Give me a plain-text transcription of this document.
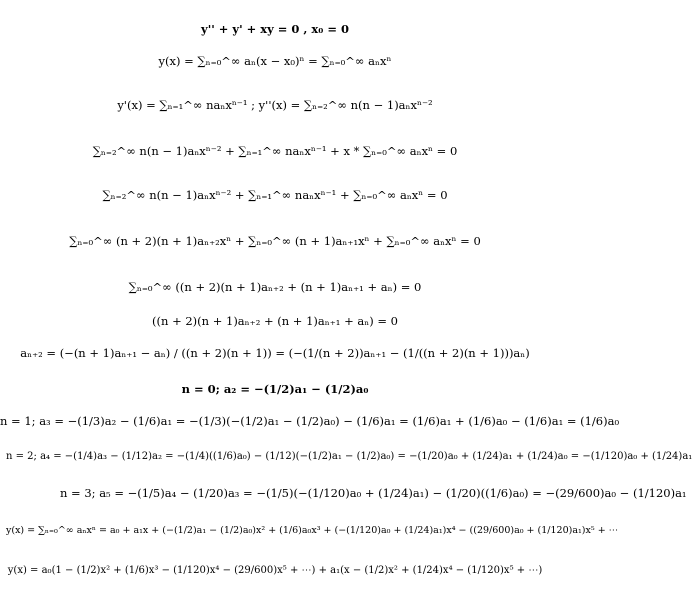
y'' + y' + xy = 0 , x₀ = 0
y(x) = ∑ₙ₌₀^∞ aₙ(x − x₀)ⁿ = ∑ₙ₌₀^∞ aₙxⁿ
y'(x) = ∑ₙ₌₁^∞ naₙxⁿ⁻¹ ; y''(x) = ∑ₙ₌₂^∞ n(n − 1)aₙxⁿ⁻²
∑ₙ₌₂^∞ n(n − 1)aₙxⁿ⁻² + ∑ₙ₌₁^∞ naₙxⁿ⁻¹ + x * ∑ₙ₌₀^∞ aₙxⁿ = 0
∑ₙ₌₂^∞ n(n − 1)aₙxⁿ⁻² + ∑ₙ₌₁^∞ naₙxⁿ⁻¹ + ∑ₙ₌₀^∞ aₙxⁿ = 0
∑ₙ₌₀^∞ (n + 2)(n + 1)aₙ₊₂xⁿ + ∑ₙ₌₀^∞ (n + 1)aₙ₊₁xⁿ + ∑ₙ₌₀^∞ aₙxⁿ = 0
∑ₙ₌₀^∞ ((n + 2)(n + 1)aₙ₊₂ + (n + 1)aₙ₊₁ + aₙ) = 0
((n + 2)(n + 1)aₙ₊₂ + (n + 1)aₙ₊₁ + aₙ) = 0
aₙ₊₂ = (−(n + 1)aₙ₊₁ − aₙ) / ((n + 2)(n + 1)) = (−(1/(n + 2))aₙ₊₁ − (1/((n + 2)(n + 1)))aₙ)
n = 0; a₂ = −(1/2)a₁ − (1/2)a₀
n = 1; a₃ = −(1/3)a₂ − (1/6)a₁ = −(1/3)(−(1/2)a₁ − (1/2)a₀) − (1/6)a₁ = (1/6)a₁ + (1/6)a₀ − (1/6)a₁ = (1/6)a₀
n = 2; a₄ = −(1/4)a₃ − (1/12)a₂ = −(1/4)((1/6)a₀) − (1/12)(−(1/2)a₁ − (1/2)a₀) = −(1/20)a₀ + (1/24)a₁ + (1/24)a₀ = −(1/120)a₀ + (1/24)a₁
n = 3; a₅ = −(1/5)a₄ − (1/20)a₃ = −(1/5)(−(1/120)a₀ + (1/24)a₁) − (1/20)((1/6)a₀) = −(29/600)a₀ − (1/120)a₁
y(x) = ∑ₙ₌₀^∞ aₙxⁿ = a₀ + a₁x + (−(1/2)a₁ − (1/2)a₀)x² + (1/6)a₀x³ + (−(1/120)a₀ + (1/24)a₁)x⁴ − ((29/600)a₀ + (1/120)a₁)x⁵ + ⋯
y(x) = a₀(1 − (1/2)x² + (1/6)x³ − (1/120)x⁴ − (29/600)x⁵ + ⋯) + a₁(x − (1/2)x² + (1/24)x⁴ − (1/120)x⁵ + ⋯)
